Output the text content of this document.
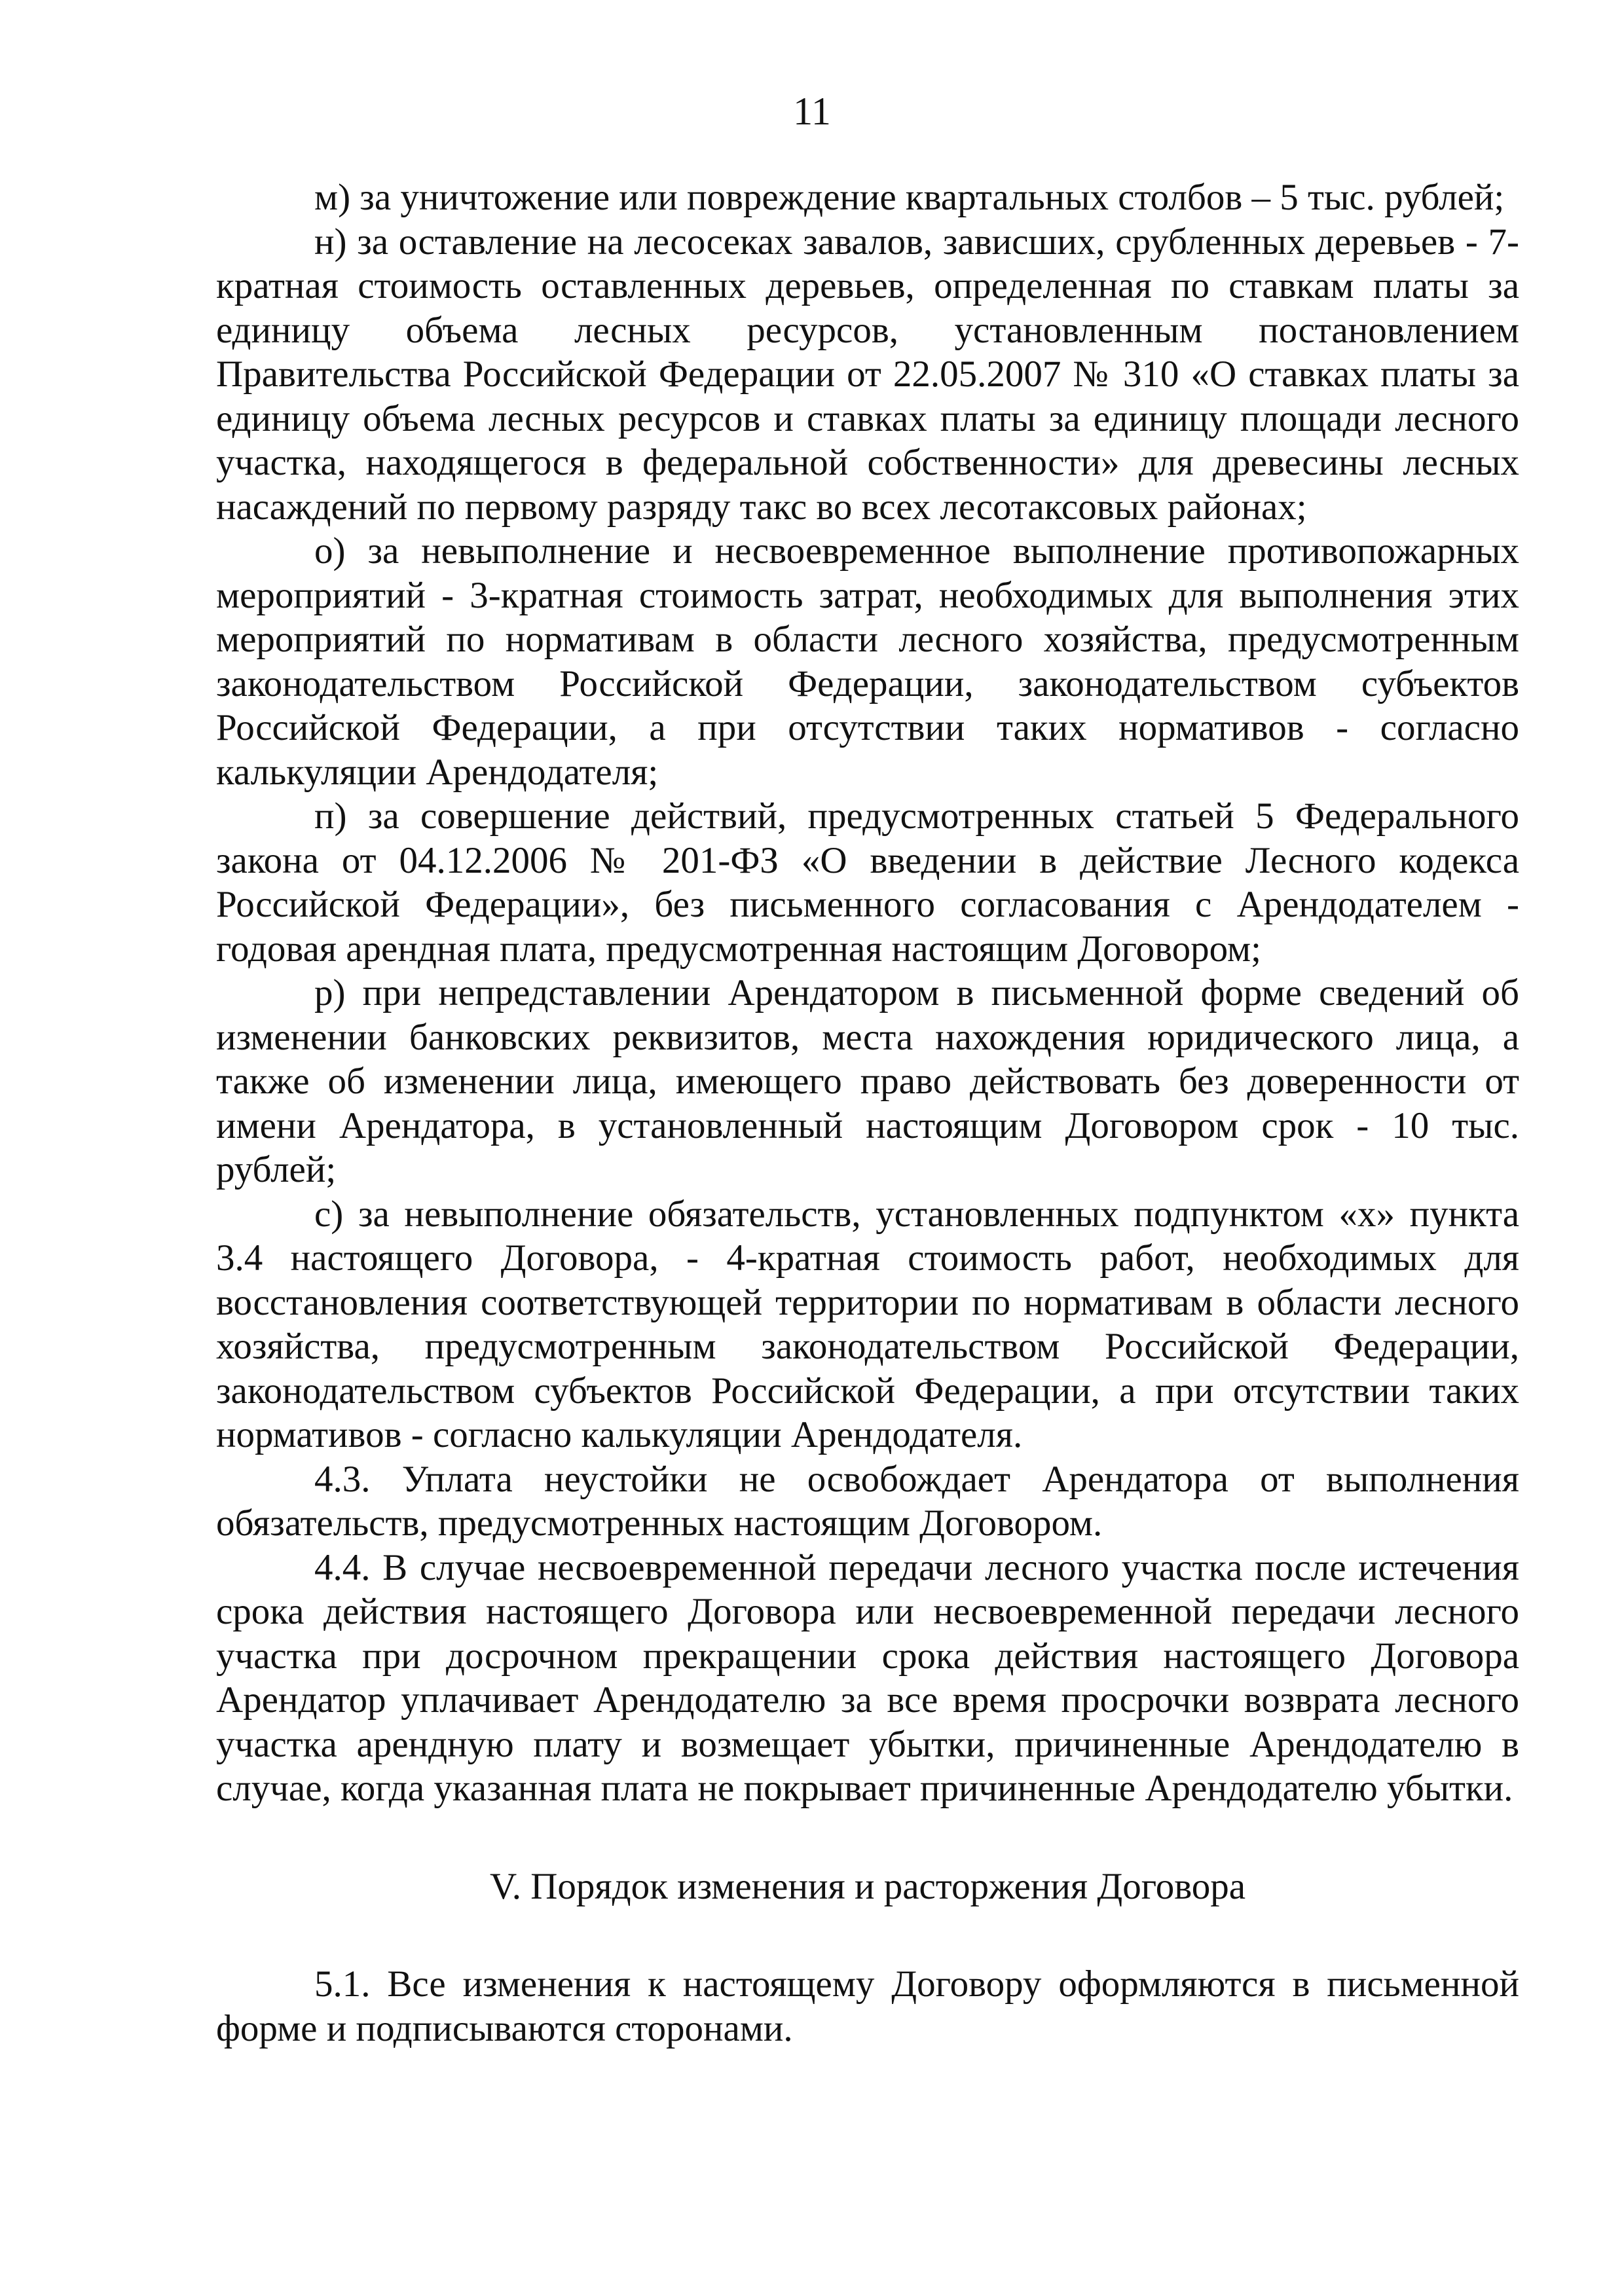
11

м) за уничтожение или повреждение квартальных столбов – 5 тыс. рублей;

н) за оставление на лесосеках завалов, зависших, срубленных деревьев - 7-кратная стоимость оставленных деревьев, определенная по ставкам платы за единицу объема лесных ресурсов, установленным постановлением Правительства Российской Федерации от 22.05.2007 № 310 «О ставках платы за единицу объема лесных ресурсов и ставках платы за единицу площади лесного участка, находящегося в федеральной собственности» для древесины лесных насаждений по первому разряду такс во всех лесотаксовых районах;

о) за невыполнение и несвоевременное выполнение противопожарных мероприятий - 3-кратная стоимость затрат, необходимых для выполнения этих мероприятий по нормативам в области лесного хозяйства, предусмотренным законодательством Российской Федерации, законодательством субъектов Российской Федерации, а при отсутствии таких нормативов - согласно калькуляции Арендодателя;

п) за совершение действий, предусмотренных статьей 5 Федерального закона от 04.12.2006 № 201-ФЗ «О введении в действие Лесного кодекса Российской Федерации», без письменного согласования с Арендодателем - годовая арендная плата, предусмотренная настоящим Договором;

р) при непредставлении Арендатором в письменной форме сведений об изменении банковских реквизитов, места нахождения юридического лица, а также об изменении лица, имеющего право действовать без доверенности от имени Арендатора, в установленный настоящим Договором срок - 10 тыс. рублей;

с) за невыполнение обязательств, установленных подпунктом «х» пункта 3.4 настоящего Договора, - 4-кратная стоимость работ, необходимых для восстановления соответствующей территории по нормативам в области лесного хозяйства, предусмотренным законодательством Российской Федерации, законодательством субъектов Российской Федерации, а при отсутствии таких нормативов - согласно калькуляции Арендодателя.

4.3. Уплата неустойки не освобождает Арендатора от выполнения обязательств, предусмотренных настоящим Договором.

4.4. В случае несвоевременной передачи лесного участка после истечения срока действия настоящего Договора или несвоевременной передачи лесного участка при досрочном прекращении срока действия настоящего Договора Арендатор уплачивает Арендодателю за все время просрочки возврата лесного участка арендную плату и возмещает убытки, причиненные Арендодателю в случае, когда указанная плата не покрывает причиненные Арендодателю убытки.

V. Порядок изменения и расторжения Договора

5.1. Все изменения к настоящему Договору оформляются в письменной форме и подписываются сторонами.
